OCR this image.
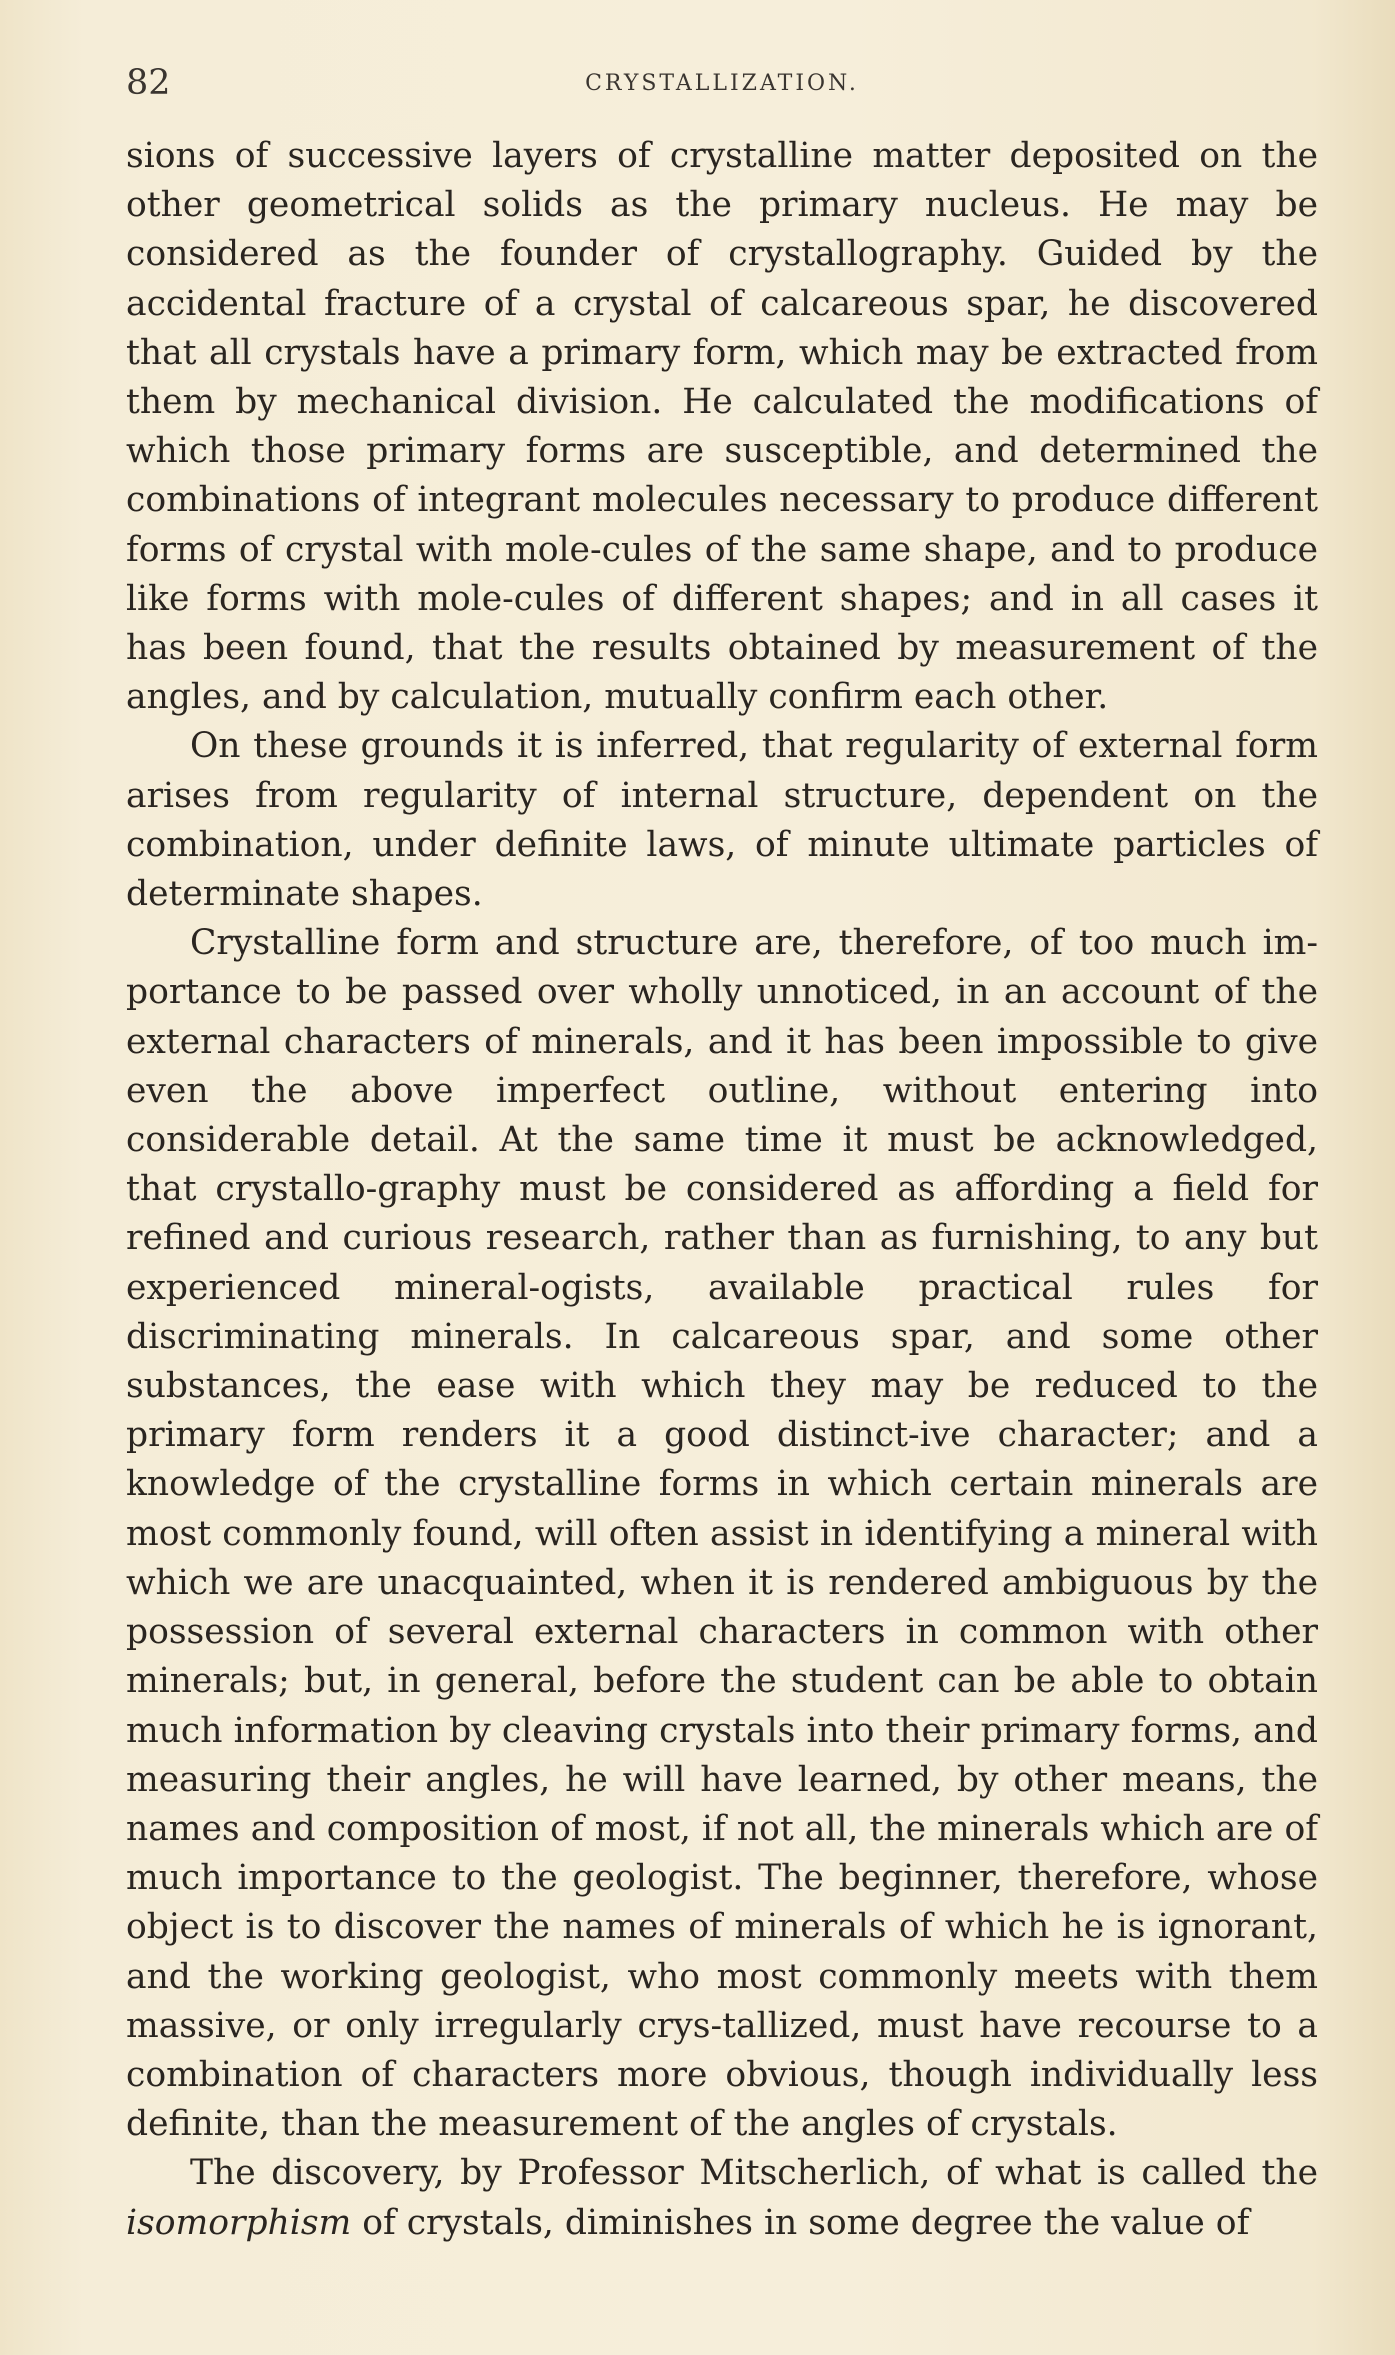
82	CRYSTALLIZATION.

sions of successive layers of crystalline matter deposited on the other geometrical solids as the primary nucleus. He may be considered as the founder of crystallography. Guided by the accidental fracture of a crystal of calcareous spar, he discovered that all crystals have a primary form, which may be extracted from them by mechanical division. He calculated the modifications of which those primary forms are susceptible, and determined the combinations of integrant molecules necessary to produce different forms of crystal with mole-cules of the same shape, and to produce like forms with mole-cules of different shapes; and in all cases it has been found, that the results obtained by measurement of the angles, and by calculation, mutually confirm each other.

On these grounds it is inferred, that regularity of external form arises from regularity of internal structure, dependent on the combination, under definite laws, of minute ultimate particles of determinate shapes.

Crystalline form and structure are, therefore, of too much im-portance to be passed over wholly unnoticed, in an account of the external characters of minerals, and it has been impossible to give even the above imperfect outline, without entering into considerable detail. At the same time it must be acknowledged, that crystallo-graphy must be considered as affording a field for refined and curious research, rather than as furnishing, to any but experienced mineral-ogists, available practical rules for discriminating minerals. In calcareous spar, and some other substances, the ease with which they may be reduced to the primary form renders it a good distinct-ive character; and a knowledge of the crystalline forms in which certain minerals are most commonly found, will often assist in identifying a mineral with which we are unacquainted, when it is rendered ambiguous by the possession of several external characters in common with other minerals; but, in general, before the student can be able to obtain much information by cleaving crystals into their primary forms, and measuring their angles, he will have learned, by other means, the names and composition of most, if not all, the minerals which are of much importance to the geologist. The beginner, therefore, whose object is to discover the names of minerals of which he is ignorant, and the working geologist, who most commonly meets with them massive, or only irregularly crys-tallized, must have recourse to a combination of characters more obvious, though individually less definite, than the measurement of the angles of crystals.

The discovery, by Professor Mitscherlich, of what is called the isomorphism of crystals, diminishes in some degree the value of
